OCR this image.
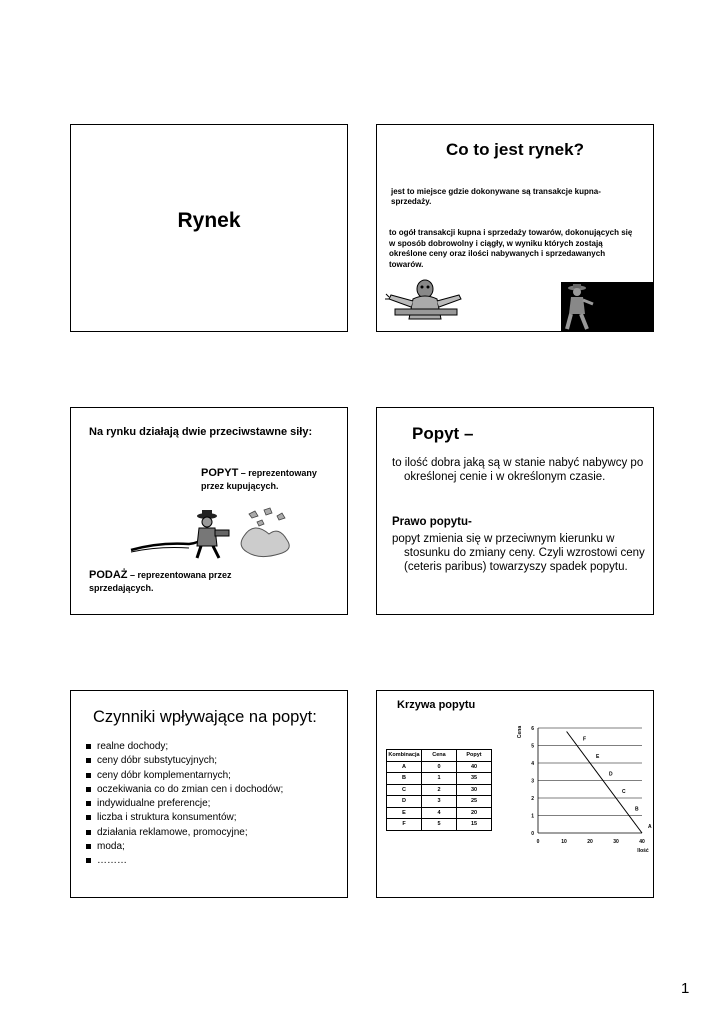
Rynek
Co to jest rynek?
jest to miejsce gdzie dokonywane są transakcje kupna-sprzedaży.
to ogół transakcji kupna i sprzedaży towarów, dokonujących się w sposób dobrowolny i ciągły, w wyniku których zostają określone ceny oraz ilości nabywanych i sprzedawanych towarów.
Na rynku działają dwie przeciwstawne siły:
POPYT – reprezentowany przez kupujących.
PODAŻ – reprezentowana przez sprzedających.
Popyt –
to ilość dobra jaką są w stanie nabyć nabywcy po określonej cenie i w określonym czasie.
Prawo popytu-
popyt zmienia się w przeciwnym kierunku w stosunku do zmiany ceny. Czyli wzrostowi ceny (ceteris paribus) towarzyszy spadek popytu.
Czynniki wpływające na popyt:
realne dochody;
ceny dóbr substytucyjnych;
ceny dóbr komplementarnych;
oczekiwania co do zmian cen i dochodów;
indywidualne preferencje;
liczba i struktura konsumentów;
działania reklamowe, promocyjne;
moda;
………
Krzywa popytu
Kombinacja	Cena	Popyt
A	0	40
B	1	35
C	2	30
D	3	25
E	4	20
F	5	15
0
1
2
3
4
5
6
0	10	20	30	40
Cena
Ilość
F
E
D
C
B
A
1
